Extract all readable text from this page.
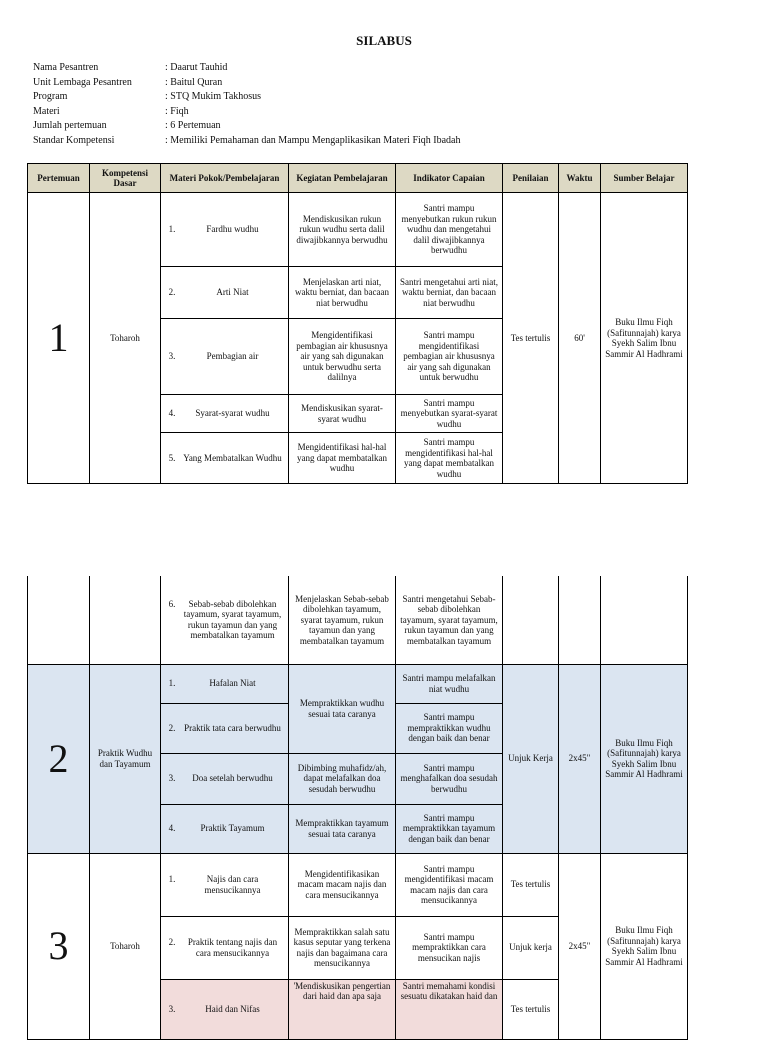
SILABUS
Nama Pesantren	: Daarut Tauhid
Unit Lembaga Pesantren	: Baitul Quran
Program	: STQ Mukim Takhosus
Materi	: Fiqh
Jumlah pertemuan	: 6 Pertemuan
Standar Kompetensi	: Memiliki Pemahaman dan Mampu Mengaplikasikan Materi Fiqh Ibadah
Pertemuan	Kompetensi Dasar	Materi Pokok/Pembelajaran	Kegiatan Pembelajaran	Indikator Capaian	Penilaian	Waktu	Sumber Belajar
1	Toharoh	1. Fardhu wudhu	Mendiskusikan rukun rukun wudhu serta dalil diwajibkannya berwudhu	Santri mampu menyebutkan rukun rukun wudhu dan mengetahui dalil diwajibkannya berwudhu	Tes tertulis	60'	Buku Ilmu Fiqh (Safitunnajah) karya Syekh Salim Ibnu Sammir Al Hadhrami

		2. Arti Niat	Menjelaskan arti niat, waktu berniat, dan bacaan niat berwudhu	Santri mengetahui arti niat, waktu berniat, dan bacaan niat berwudhu			

		3. Pembagian air	Mengidentifikasi pembagian air khususnya air yang sah digunakan untuk berwudhu serta dalilnya	Santri mampu mengidentifikasi pembagian air khususnya air yang sah digunakan untuk berwudhu			

		4. Syarat-syarat wudhu	Mendiskusikan syarat-syarat wudhu	Santri mampu menyebutkan syarat-syarat wudhu			

		5. Yang Membatalkan Wudhu	Mengidentifikasi hal-hal yang dapat membatalkan wudhu	Santri mampu mengidentifikasi hal-hal yang dapat membatalkan wudhu			

		6. Sebab-sebab dibolehkan tayamum, syarat tayamum, rukun tayamun dan yang membatalkan tayamum	Menjelaskan Sebab-sebab dibolehkan tayamum, syarat tayamum, rukun tayamun dan yang membatalkan tayamum	Santri mengetahui Sebab-sebab dibolehkan tayamum, syarat tayamum, rukun tayamun dan yang membatalkan tayamum			
2	Praktik Wudhu dan Tayamum	1. Hafalan Niat	Mempraktikkan wudhu sesuai tata caranya	Santri mampu melafalkan niat wudhu	Unjuk Kerja	2x45"	Buku Ilmu Fiqh (Safitunnajah) karya Syekh Salim Ibnu Sammir Al Hadhrami

		2. Praktik tata cara berwudhu		Santri mampu mempraktikkan wudhu dengan baik dan benar			

		3. Doa setelah berwudhu	Dibimbing muhafidz/ah, dapat melafalkan doa sesudah berwudhu	Santri mampu menghafalkan doa sesudah berwudhu			

		4. Praktik Tayamum	Mempraktikkan tayamum sesuai tata caranya	Santri mampu mempraktikkan tayamum dengan baik dan benar			
3	Toharoh	1. Najis dan cara mensucikannya	Mengidentifikasikan macam macam najis dan cara mensucikannya	Santri mampu mengidentifikasi macam macam najis dan cara mensucikannya	Tes tertulis	2x45"	Buku Ilmu Fiqh (Safitunnajah) karya Syekh Salim Ibnu Sammir Al Hadhrami

		2. Praktik tentang najis dan cara mensucikannya	Mempraktikkan salah satu kasus seputar yang terkena najis dan bagaimana cara mensucikannya	Santri mampu mempraktikkan cara mensucikan najis	Unjuk kerja		

		3. Haid dan Nifas	'Mendiskusikan pengertian dari haid dan apa saja	Santri memahami kondisi sesuatu dikatakan haid dan	Tes tertulis		
